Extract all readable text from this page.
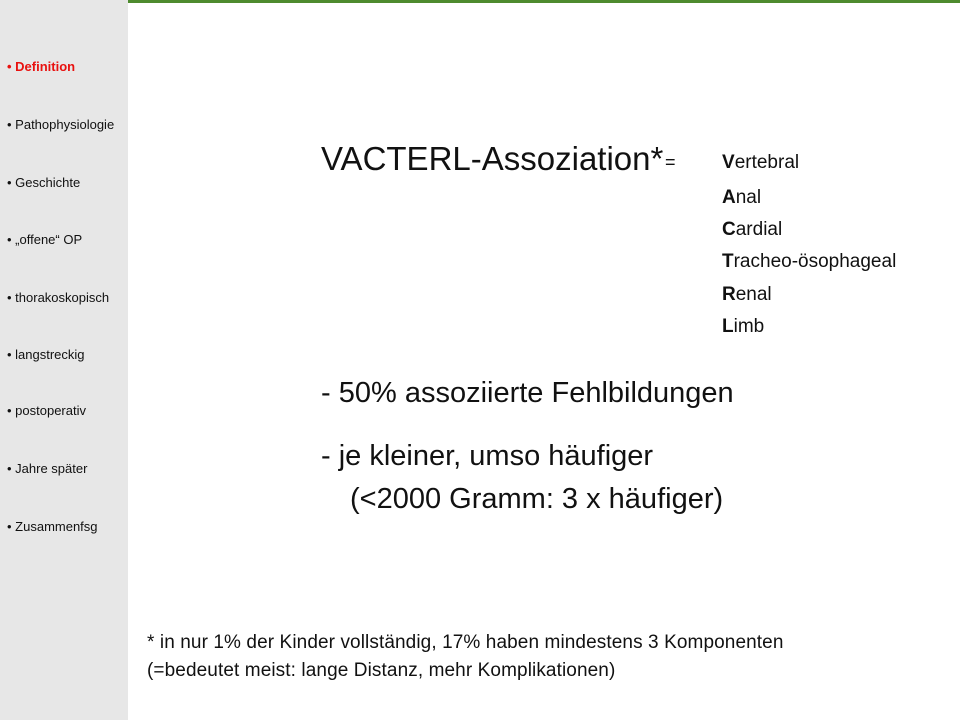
• Definition
• Pathophysiologie
• Geschichte
• „offene“ OP
• thorakoskopisch
• langstreckig
• postoperativ
• Jahre später
• Zusammenfsg
VACTERL-Assoziation* = Vertebral
Anal
Cardial
Tracheo-ösophageal
Renal
Limb
- 50% assoziierte Fehlbildungen
- je kleiner, umso häufiger
(<2000 Gramm: 3 x häufiger)
* in nur 1% der Kinder vollständig, 17% haben mindestens 3 Komponenten
(=bedeutet meist: lange Distanz, mehr Komplikationen)
